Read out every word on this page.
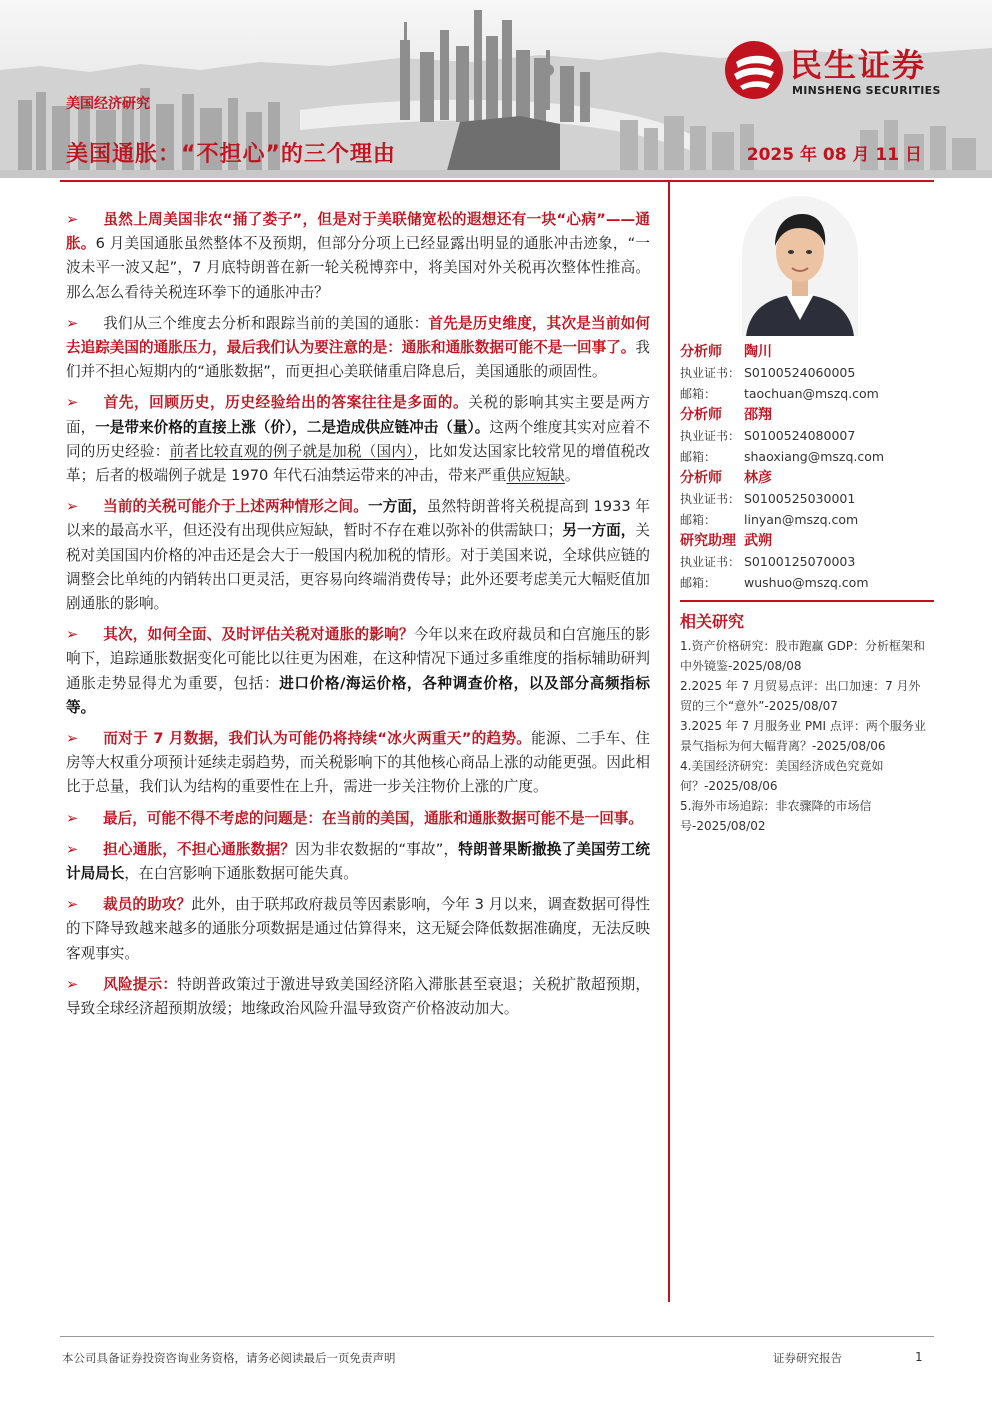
民生证券
MINSHENG SECURITIES
美国经济研究
美国通胀：“不担心”的三个理由	2025 年 08 月 11 日
➢ 虽然上周美国非农“捅了娄子”，但是对于美联储宽松的遐想还有一块“心病”——通胀。6 月美国通胀虽然整体不及预期，但部分分项上已经显露出明显的通胀冲击迹象，“一波未平一波又起”，7 月底特朗普在新一轮关税博弈中，将美国对外关税再次整体性推高。那么怎么看待关税连环拳下的通胀冲击？
➢ 我们从三个维度去分析和跟踪当前的美国的通胀：首先是历史维度，其次是当前如何去追踪美国的通胀压力，最后我们认为要注意的是：通胀和通胀数据可能不是一回事了。我们并不担心短期内的“通胀数据”，而更担心美联储重启降息后，美国通胀的顽固性。
➢ 首先，回顾历史，历史经验给出的答案往往是多面的。关税的影响其实主要是两方面，一是带来价格的直接上涨（价），二是造成供应链冲击（量）。这两个维度其实对应着不同的历史经验：前者比较直观的例子就是加税（国内），比如发达国家比较常见的增值税改革；后者的极端例子就是 1970 年代石油禁运带来的冲击，带来严重供应短缺。
➢ 当前的关税可能介于上述两种情形之间。一方面，虽然特朗普将关税提高到 1933 年以来的最高水平，但还没有出现供应短缺，暂时不存在难以弥补的供需缺口；另一方面，关税对美国国内价格的冲击还是会大于一般国内税加税的情形。对于美国来说，全球供应链的调整会比单纯的内销转出口更灵活，更容易向终端消费传导；此外还要考虑美元大幅贬值加剧通胀的影响。
➢ 其次，如何全面、及时评估关税对通胀的影响？今年以来在政府裁员和白宫施压的影响下，追踪通胀数据变化可能比以往更为困难，在这种情况下通过多重维度的指标辅助研判通胀走势显得尤为重要，包括：进口价格/海运价格，各种调查价格，以及部分高频指标等。
➢ 而对于 7 月数据，我们认为可能仍将持续“冰火两重天”的趋势。能源、二手车、住房等大权重分项预计延续走弱趋势，而关税影响下的其他核心商品上涨的动能更强。因此相比于总量，我们认为结构的重要性在上升，需进一步关注物价上涨的广度。
➢ 最后，可能不得不考虑的问题是：在当前的美国，通胀和通胀数据可能不是一回事。
➢ 担心通胀，不担心通胀数据？因为非农数据的“事故”，特朗普果断撤换了美国劳工统计局局长，在白宫影响下通胀数据可能失真。
➢ 裁员的助攻？此外，由于联邦政府裁员等因素影响，今年 3 月以来，调查数据可得性的下降导致越来越多的通胀分项数据是通过估算得来，这无疑会降低数据准确度，无法反映客观事实。
➢ 风险提示：特朗普政策过于激进导致美国经济陷入滞胀甚至衰退；关税扩散超预期，导致全球经济超预期放缓；地缘政治风险升温导致资产价格波动加大。
分析师 陶川
执业证书： S0100524060005
邮箱： taochuan@mszq.com
分析师 邵翔
执业证书： S0100524080007
邮箱： shaoxiang@mszq.com
分析师 林彦
执业证书： S0100525030001
邮箱： linyan@mszq.com
研究助理 武朔
执业证书： S0100125070003
邮箱： wushuo@mszq.com
相关研究
1.资产价格研究：股市跑赢 GDP：分析框架和中外镜鉴-2025/08/08
2.2025 年 7 月贸易点评：出口加速：7 月外贸的三个“意外”-2025/08/07
3.2025 年 7 月服务业 PMI 点评：两个服务业景气指标为何大幅背离？-2025/08/06
4.美国经济研究：美国经济成色究竟如何？-2025/08/06
5.海外市场追踪：非农骤降的市场信号-2025/08/02
本公司具备证券投资咨询业务资格，请务必阅读最后一页免责声明	证券研究报告	1
